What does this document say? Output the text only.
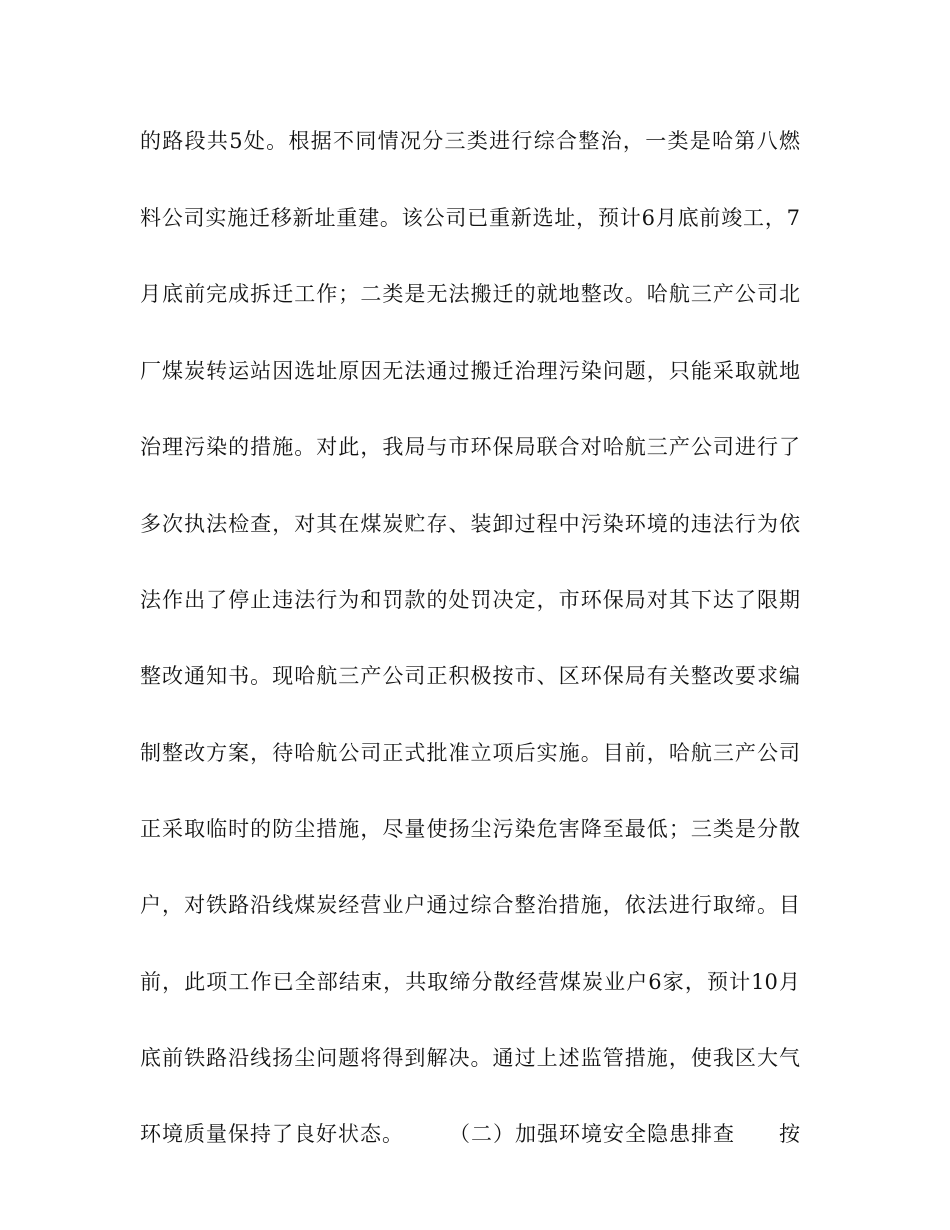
的路段共5处。根据不同情况分三类进行综合整治，一类是哈第八燃
料公司实施迁移新址重建。该公司已重新选址，预计6月底前竣工，7
月底前完成拆迁工作；二类是无法搬迁的就地整改。哈航三产公司北
厂煤炭转运站因选址原因无法通过搬迁治理污染问题，只能采取就地
治理污染的措施。对此，我局与市环保局联合对哈航三产公司进行了
多次执法检查，对其在煤炭贮存、装卸过程中污染环境的违法行为依
法作出了停止违法行为和罚款的处罚决定，市环保局对其下达了限期
整改通知书。现哈航三产公司正积极按市、区环保局有关整改要求编
制整改方案，待哈航公司正式批准立项后实施。目前，哈航三产公司
正采取临时的防尘措施，尽量使扬尘污染危害降至最低；三类是分散
户，对铁路沿线煤炭经营业户通过综合整治措施，依法进行取缔。目
前，此项工作已全部结束，共取缔分散经营煤炭业户6家，预计10月
底前铁路沿线扬尘问题将得到解决。通过上述监管措施，使我区大气
环境质量保持了良好状态。　　　（二）加强环境安全隐患排查　　按
